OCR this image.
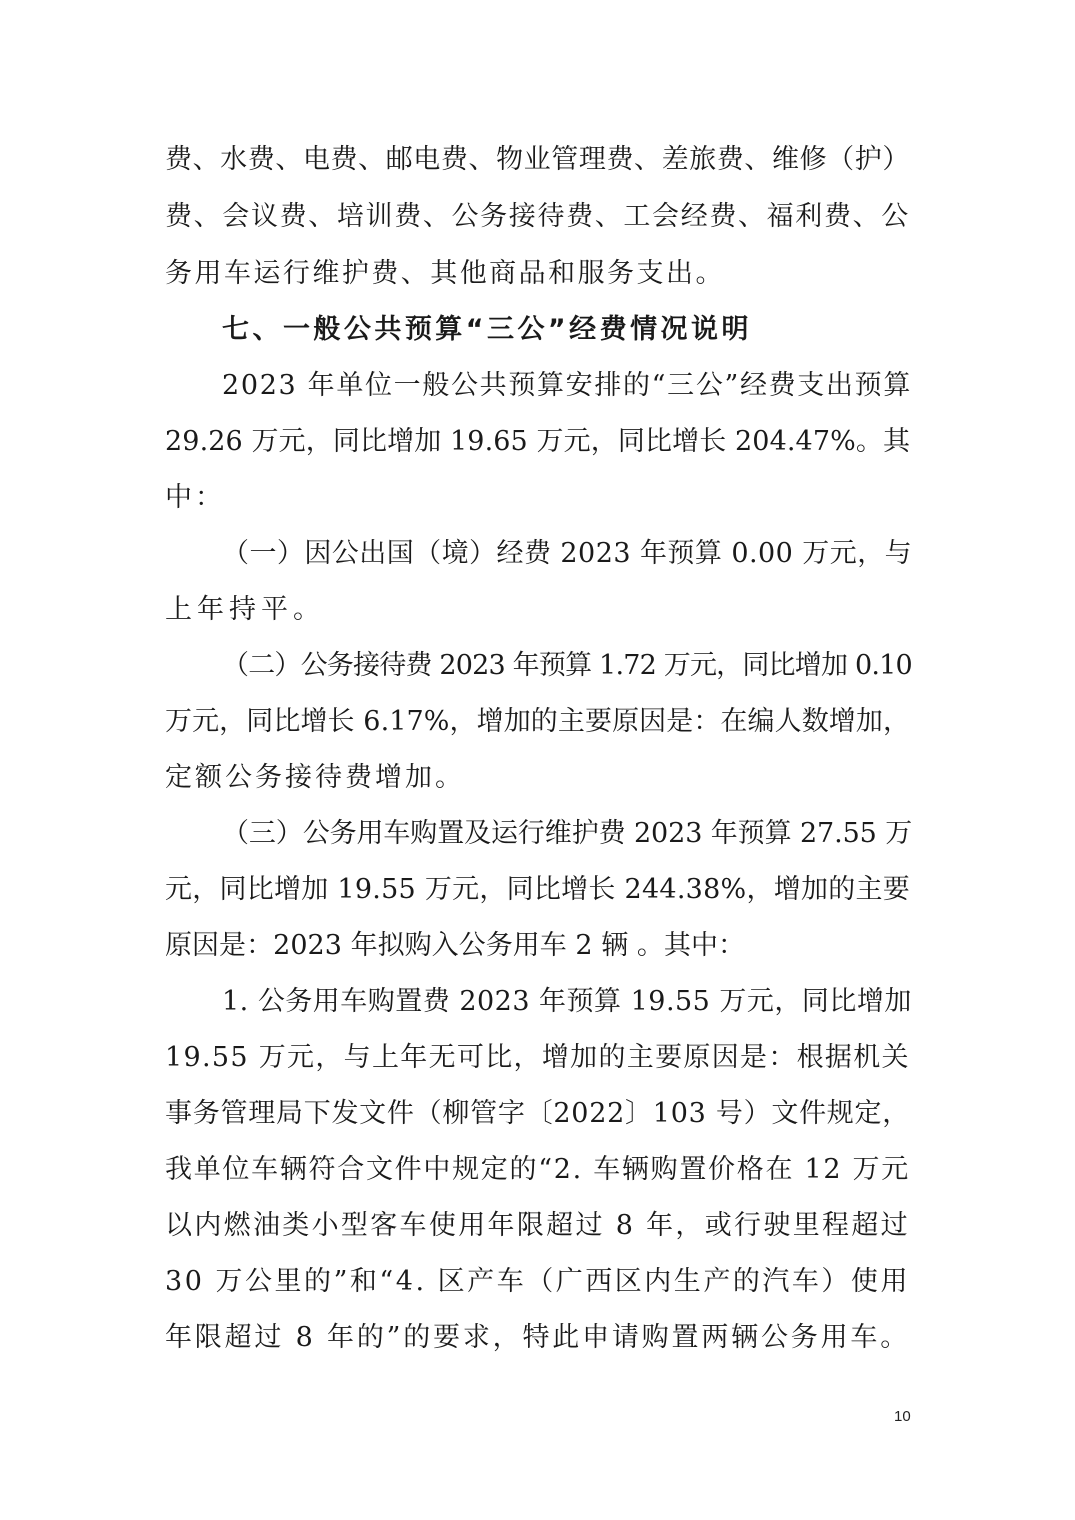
费、水费、电费、邮电费、物业管理费、差旅费、维修（护）
费、会议费、培训费、公务接待费、工会经费、福利费、公
务用车运行维护费、其他商品和服务支出。
七、一般公共预算“三公”经费情况说明
2023 年单位一般公共预算安排的“三公”经费支出预算
29.26 万元，同比增加 19.65 万元，同比增长 204.47%。其
中：
（一）因公出国（境）经费 2023 年预算 0.00 万元，与
上年持平。
（二）公务接待费 2023 年预算 1.72 万元，同比增加 0.10
万元，同比增长 6.17%，增加的主要原因是：在编人数增加，
定额公务接待费增加。
（三）公务用车购置及运行维护费 2023 年预算 27.55 万
元，同比增加 19.55 万元，同比增长 244.38%，增加的主要
原因是：2023 年拟购入公务用车 2 辆 。其中：
1. 公务用车购置费 2023 年预算 19.55 万元，同比增加
19.55 万元，与上年无可比，增加的主要原因是：根据机关
事务管理局下发文件（柳管字〔2022〕103 号）文件规定，
我单位车辆符合文件中规定的“2. 车辆购置价格在 12 万元
以内燃油类小型客车使用年限超过 8 年，或行驶里程超过
30 万公里的”和“4. 区产车（广西区内生产的汽车）使用
年限超过 8 年的”的要求，特此申请购置两辆公务用车。
10
